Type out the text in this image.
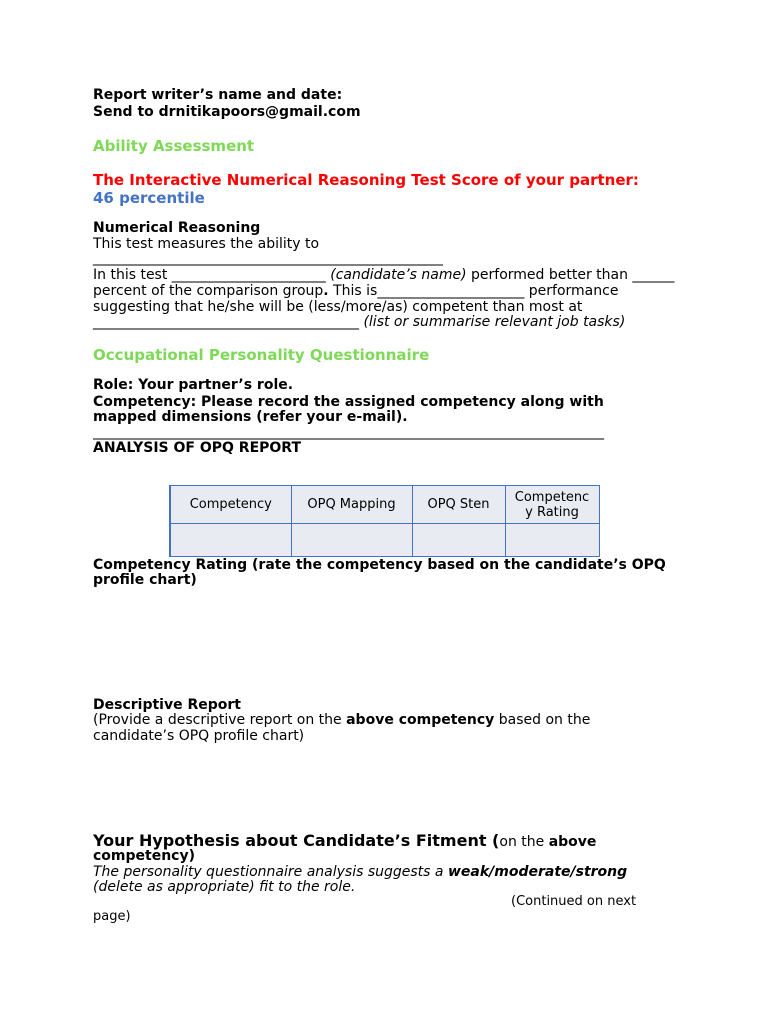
Report writer’s name and date:
Send to drnitikapoors@gmail.com
Ability Assessment
The Interactive Numerical Reasoning Test Score of your partner:
46 percentile
Numerical Reasoning
This test measures the ability to
__________________________________________________
In this test ______________________ (candidate’s name) performed better than ______
percent of the comparison group. This is_____________________ performance
suggesting that he/she will be (less/more/as) competent than most at
______________________________________ (list or summarise relevant job tasks)
Occupational Personality Questionnaire
Role: Your partner’s role.
Competency: Please record the assigned competency along with
mapped dimensions (refer your e-mail).
_________________________________________________________________________
ANALYSIS OF OPQ REPORT
Competency	OPQ Mapping	OPQ Sten	Competenc
y Rating

Competency Rating (rate the competency based on the candidate’s OPQ
profile chart)
Descriptive Report
(Provide a descriptive report on the above competency based on the
candidate’s OPQ profile chart)
Your Hypothesis about Candidate’s Fitment (on the above
competency)
The personality questionnaire analysis suggests a weak/moderate/strong
(delete as appropriate) fit to the role.
(Continued on next
page)
